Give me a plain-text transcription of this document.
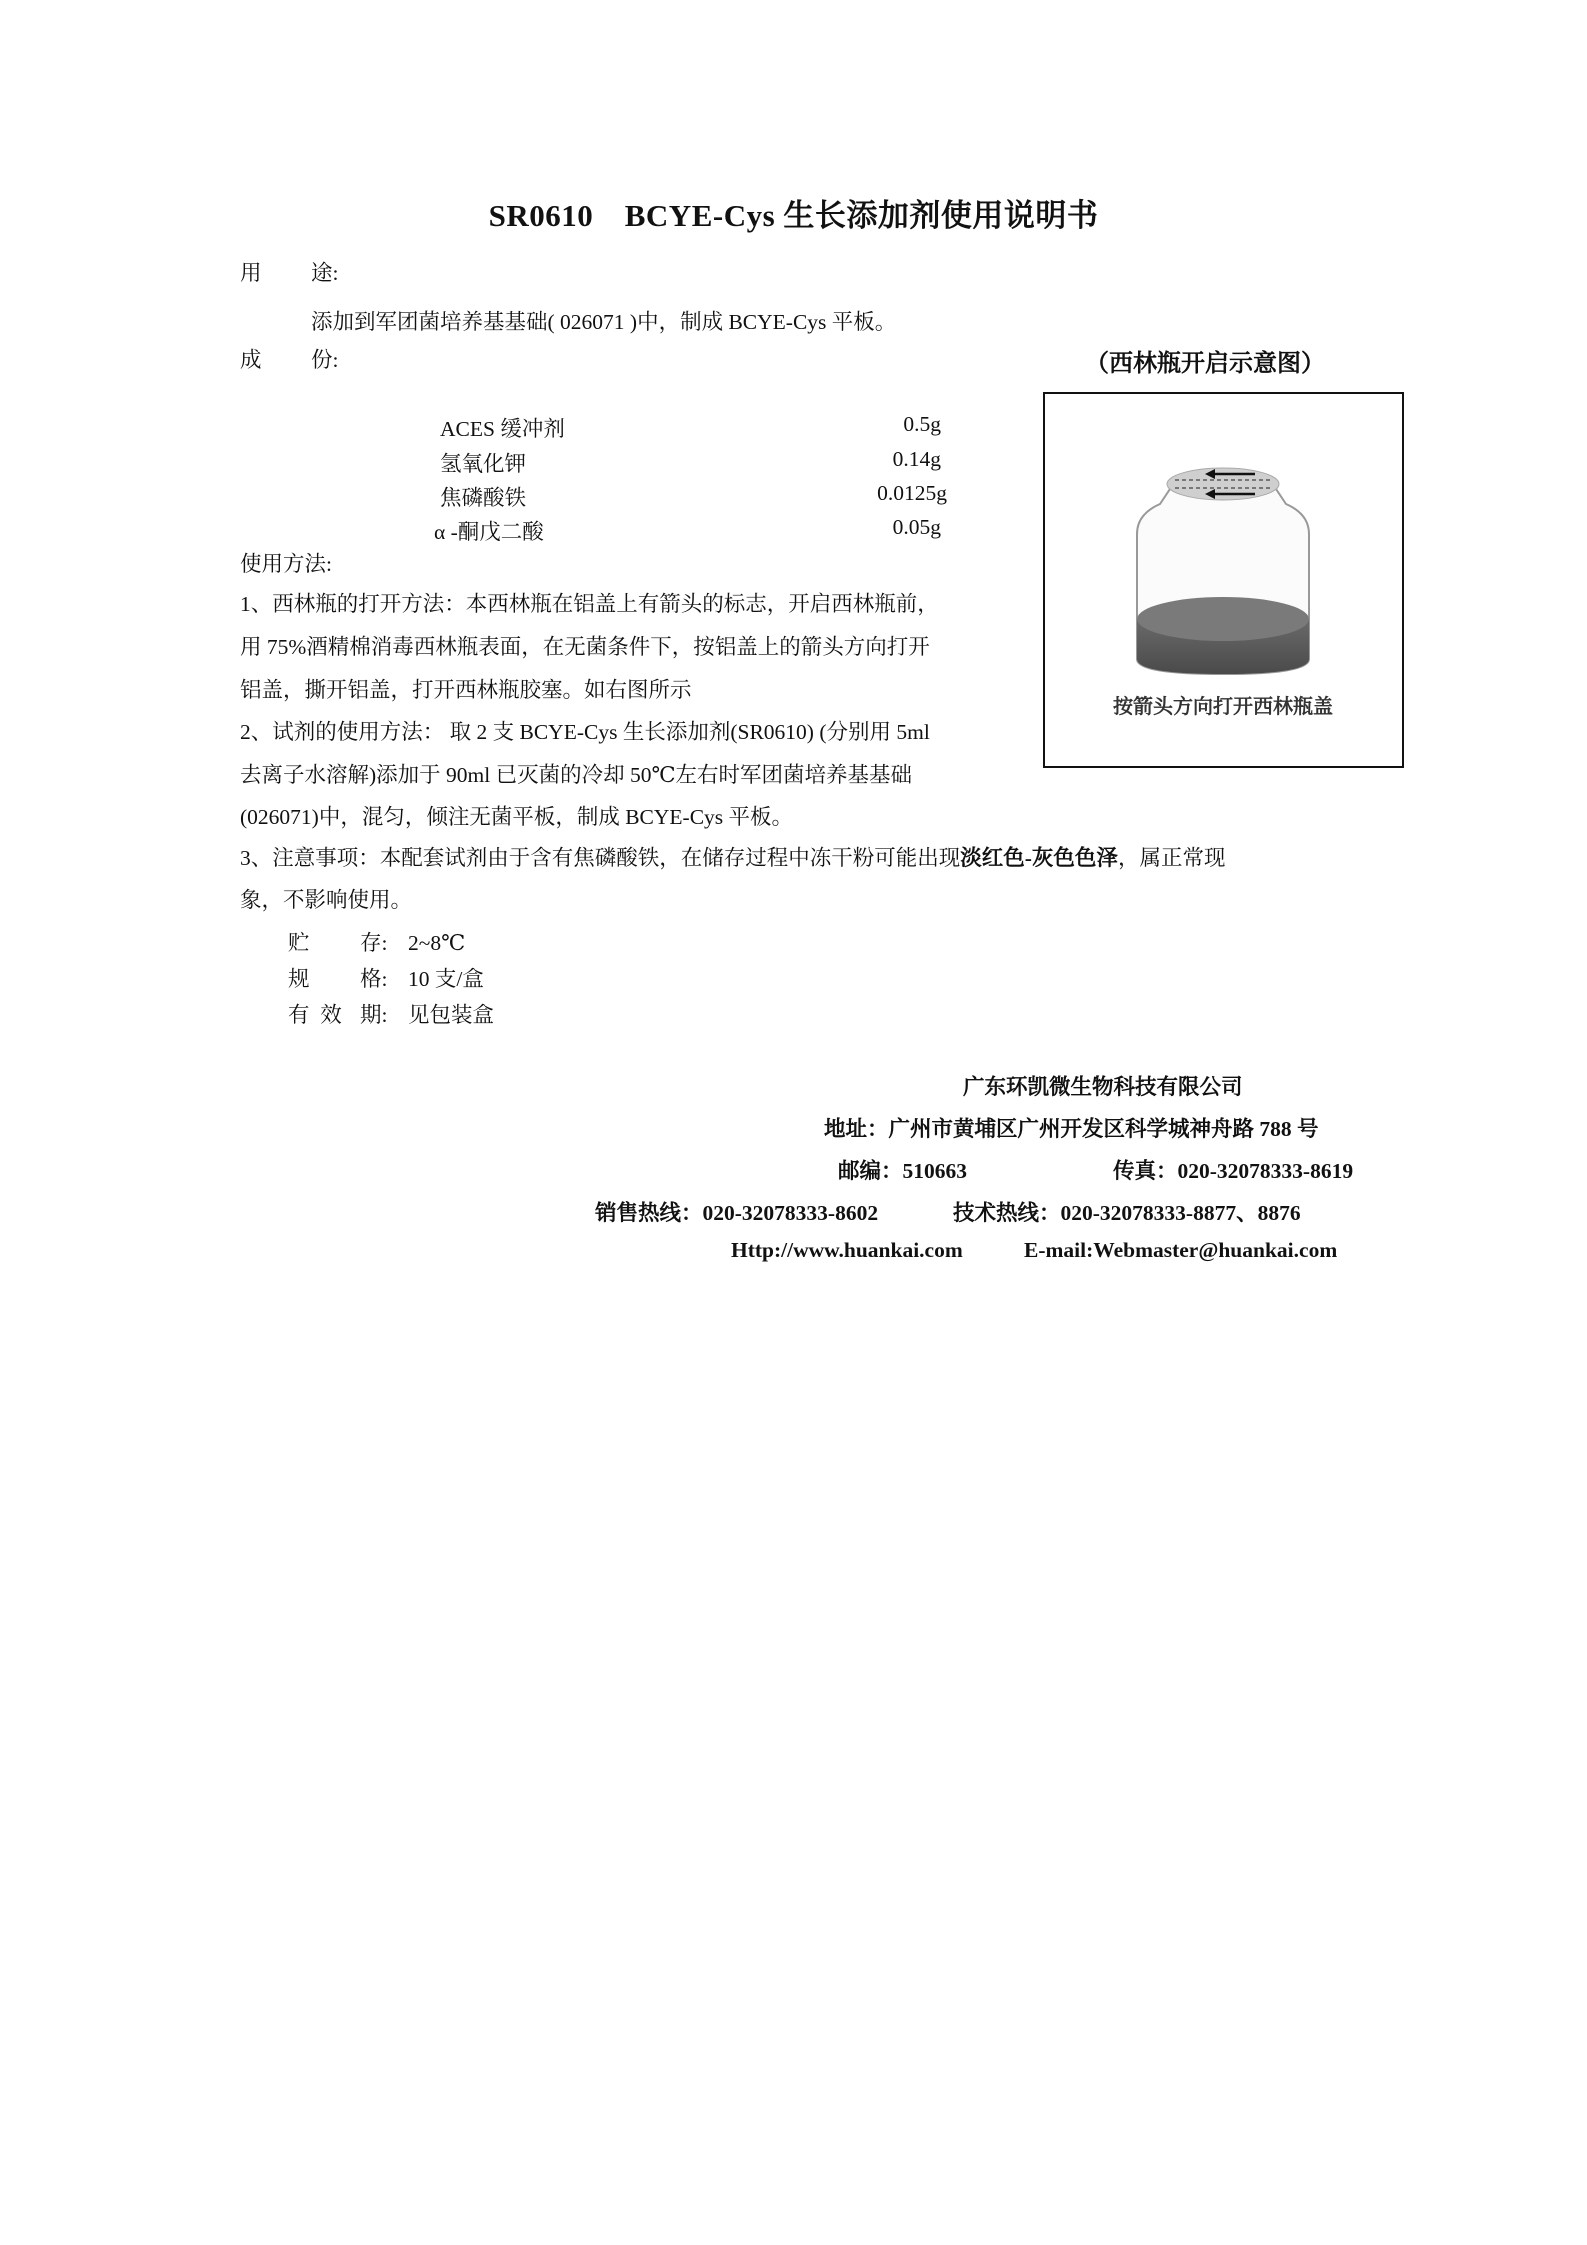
SR0610　BCYE-Cys 生长添加剂使用说明书
用 途:
添加到军团菌培养基基础( 026071 )中，制成 BCYE-Cys 平板。
成 份:
ACES 缓冲剂	0.5g
氢氧化钾	0.14g
焦磷酸铁	0.0125g
α -酮戊二酸	0.05g
（西林瓶开启示意图）
按箭头方向打开西林瓶盖
使用方法:
1、西林瓶的打开方法：本西林瓶在铝盖上有箭头的标志，开启西林瓶前，
用 75%酒精棉消毒西林瓶表面，在无菌条件下，按铝盖上的箭头方向打开
铝盖，撕开铝盖，打开西林瓶胶塞。如右图所示
2、试剂的使用方法： 取 2 支 BCYE-Cys 生长添加剂(SR0610) (分别用 5ml
去离子水溶解)添加于 90ml 已灭菌的冷却 50℃左右时军团菌培养基基础
(026071)中，混匀，倾注无菌平板，制成 BCYE-Cys 平板。
3、注意事项：本配套试剂由于含有焦磷酸铁，在储存过程中冻干粉可能出现淡红色-灰色色泽，属正常现
象，不影响使用。
贮 存: 2~8℃
规 格: 10 支/盒
有  效 期: 见包装盒
广东环凯微生物科技有限公司
地址：广州市黄埔区广州开发区科学城神舟路 788 号
邮编：510663	传真：020-32078333-8619
销售热线：020-32078333-8602	技术热线：020-32078333-8877、8876
Http://www.huankai.com	E-mail:Webmaster@huankai.com
